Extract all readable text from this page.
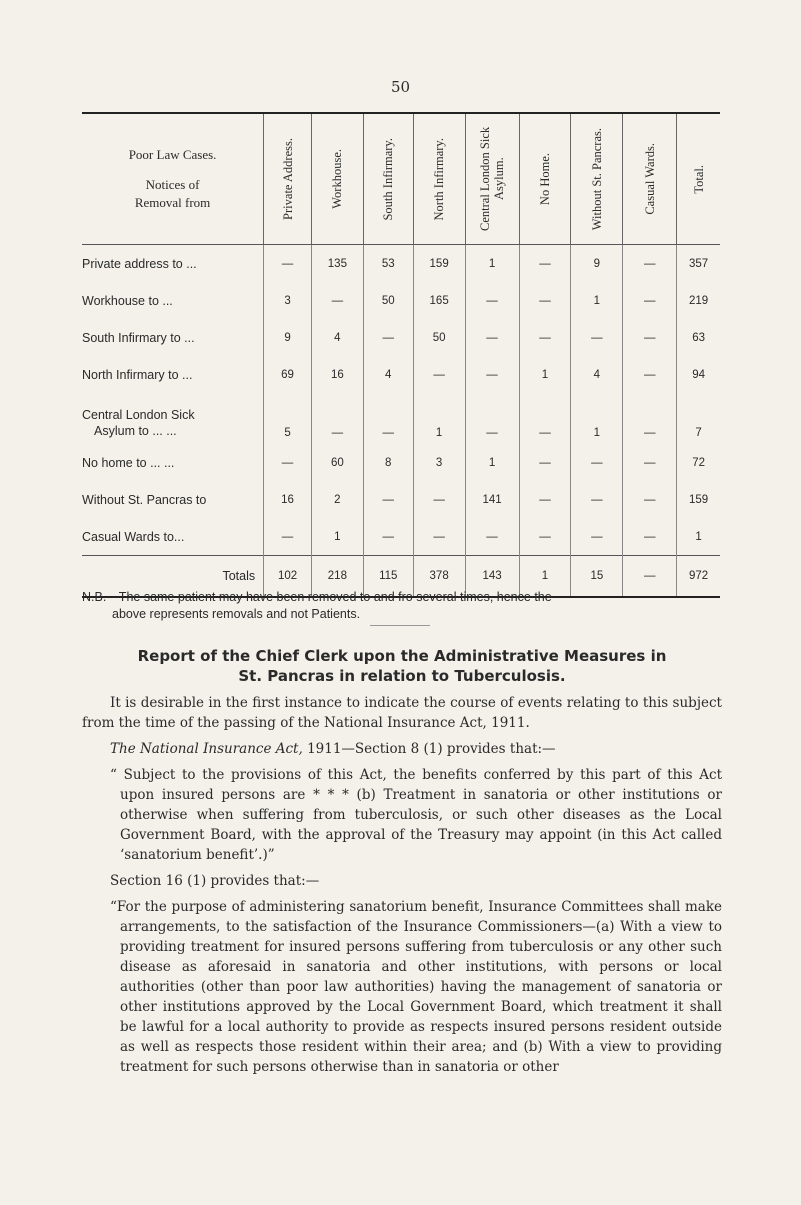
50
Poor Law Cases.
Notices of
Removal from	Private Address.	Workhouse.	South Infirmary.	North Infirmary.	Central London Sick Asylum.	No Home.	Without St. Pancras.	Casual Wards.	Total.

Private address to ...	—	135	53	159	1	—	9	—	357
Workhouse to ...	3	—	50	165	—	—	1	—	219
South Infirmary to ...	9	4	—	50	—	—	—	—	63
North Infirmary to ...	69	16	4	—	—	1	4	—	94

Central London Sick
Asylum to ... ...	5	—	—	1	—	—	1	—	7
No home to ... ...	—	60	8	3	1	—	—	—	72
Without St. Pancras to	16	2	—	—	141	—	—	—	159
Casual Wards to...	—	1	—	—	—	—	—	—	1
Totals	102	218	115	378	143	1	15	—	972
N.B.—The same patient may have been removed to and fro several times, hence the
above represents removals and not Patients.
Report of the Chief Clerk upon the Administrative Measures in
St. Pancras in relation to Tuberculosis.

It is desirable in the first instance to indicate the course of events relating to this subject from the time of the passing of the National Insurance Act, 1911.

The National Insurance Act, 1911—Section 8 (1) provides that:—

“ Subject to the provisions of this Act, the benefits conferred by this part of this Act upon insured persons are * * * (b) Treatment in sanatoria or other institutions or otherwise when suffering from tuberculosis, or such other diseases as the Local Government Board, with the approval of the Treasury may appoint (in this Act called ‘sanatorium benefit’.)”

Section 16 (1) provides that:—

“For the purpose of administering sanatorium benefit, Insurance Committees shall make arrangements, to the satisfaction of the Insurance Commissioners—(a) With a view to providing treatment for insured persons suffering from tuberculosis or any other such disease as aforesaid in sanatoria and other institutions, with persons or local authorities (other than poor law authorities) having the management of sanatoria or other institutions approved by the Local Government Board, which treatment it shall be lawful for a local authority to provide as respects insured persons resident outside as well as respects those resident within their area; and (b) With a view to providing treatment for such persons otherwise than in sanatoria or other
